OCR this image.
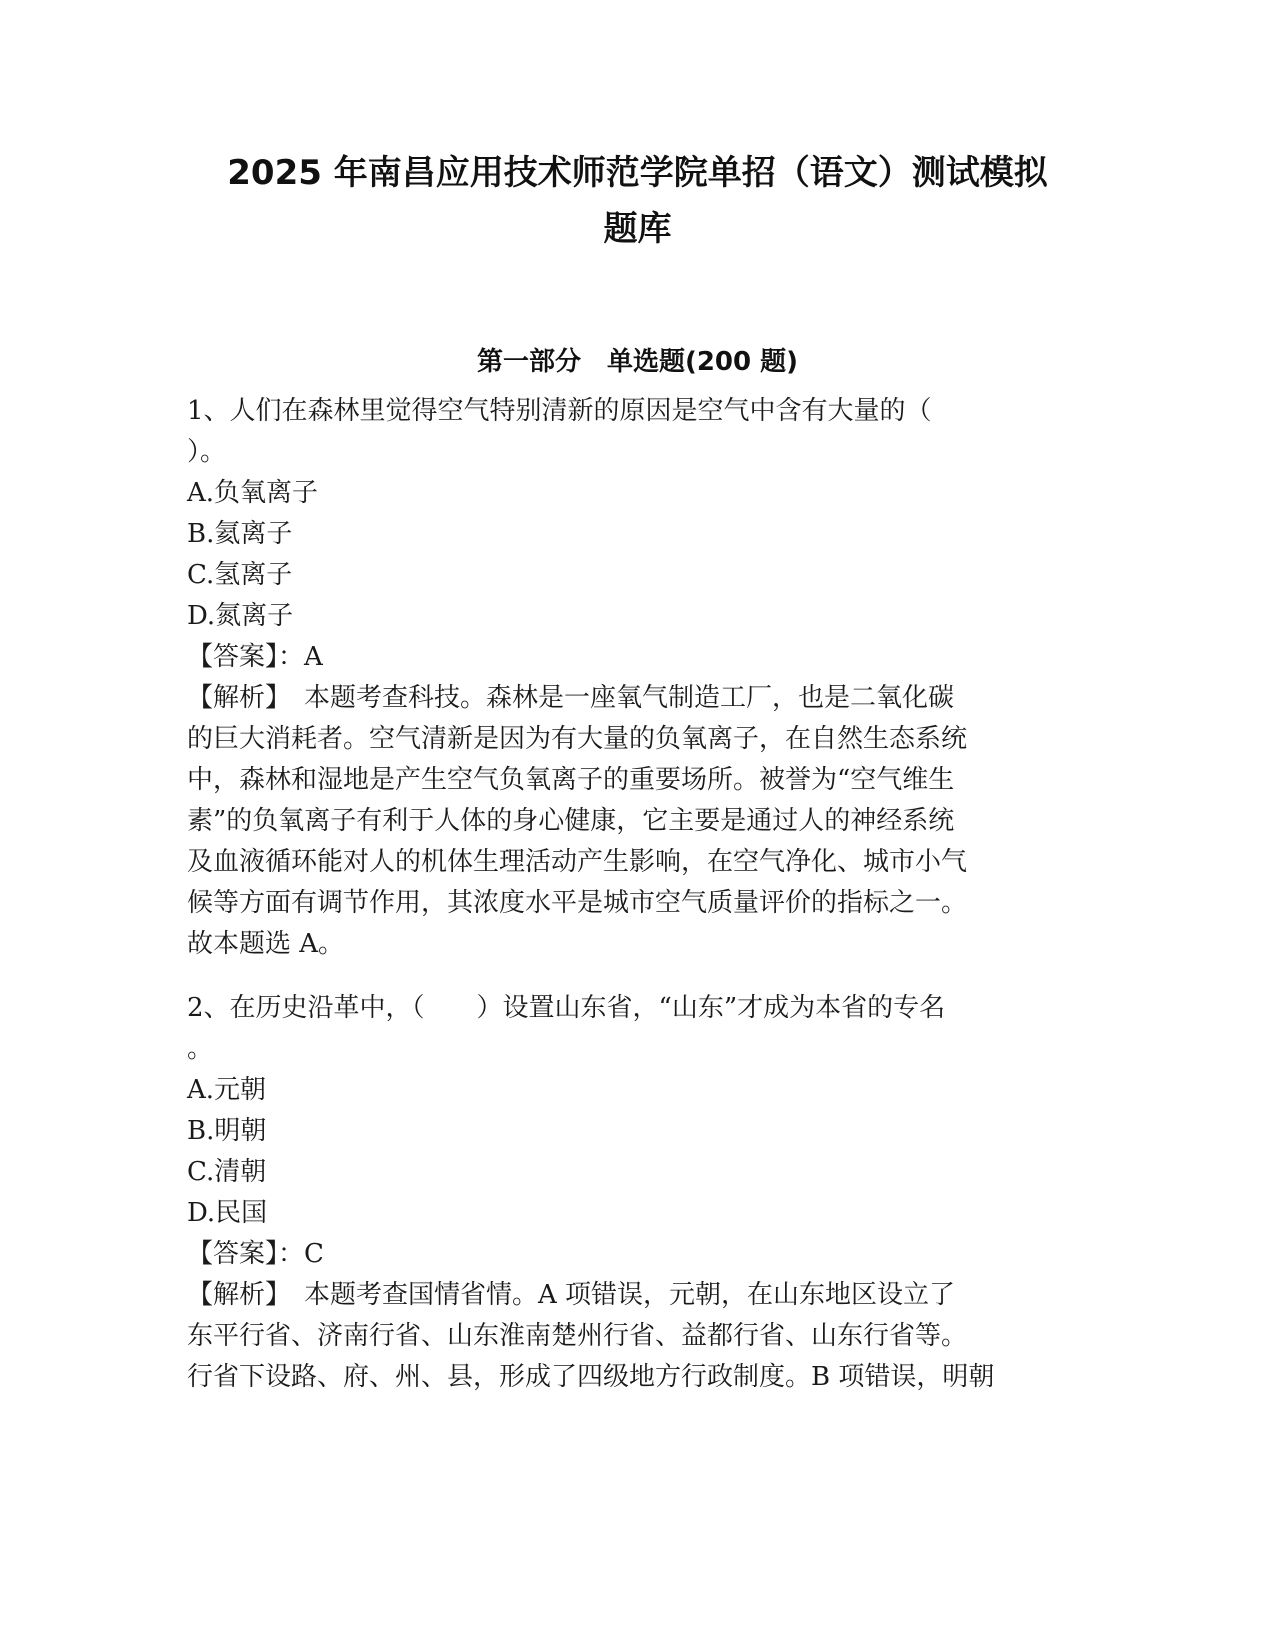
2025 年南昌应用技术师范学院单招（语文）测试模拟
题库
第一部分　单选题(200 题)
1、人们在森林里觉得空气特别清新的原因是空气中含有大量的（
）。
A.负氧离子
B.氦离子
C.氢离子
D.氮离子
【答案】：A
【解析】　本题考查科技。森林是一座氧气制造工厂，也是二氧化碳
的巨大消耗者。空气清新是因为有大量的负氧离子，在自然生态系统
中，森林和湿地是产生空气负氧离子的重要场所。被誉为“空气维生
素”的负氧离子有利于人体的身心健康，它主要是通过人的神经系统
及血液循环能对人的机体生理活动产生影响，在空气净化、城市小气
候等方面有调节作用，其浓度水平是城市空气质量评价的指标之一。
故本题选 A。
2、在历史沿革中，（　　）设置山东省，“山东”才成为本省的专名
。
A.元朝
B.明朝
C.清朝
D.民国
【答案】：C
【解析】　本题考查国情省情。A 项错误，元朝，在山东地区设立了
东平行省、济南行省、山东淮南楚州行省、益都行省、山东行省等。
行省下设路、府、州、县，形成了四级地方行政制度。B 项错误，明朝
